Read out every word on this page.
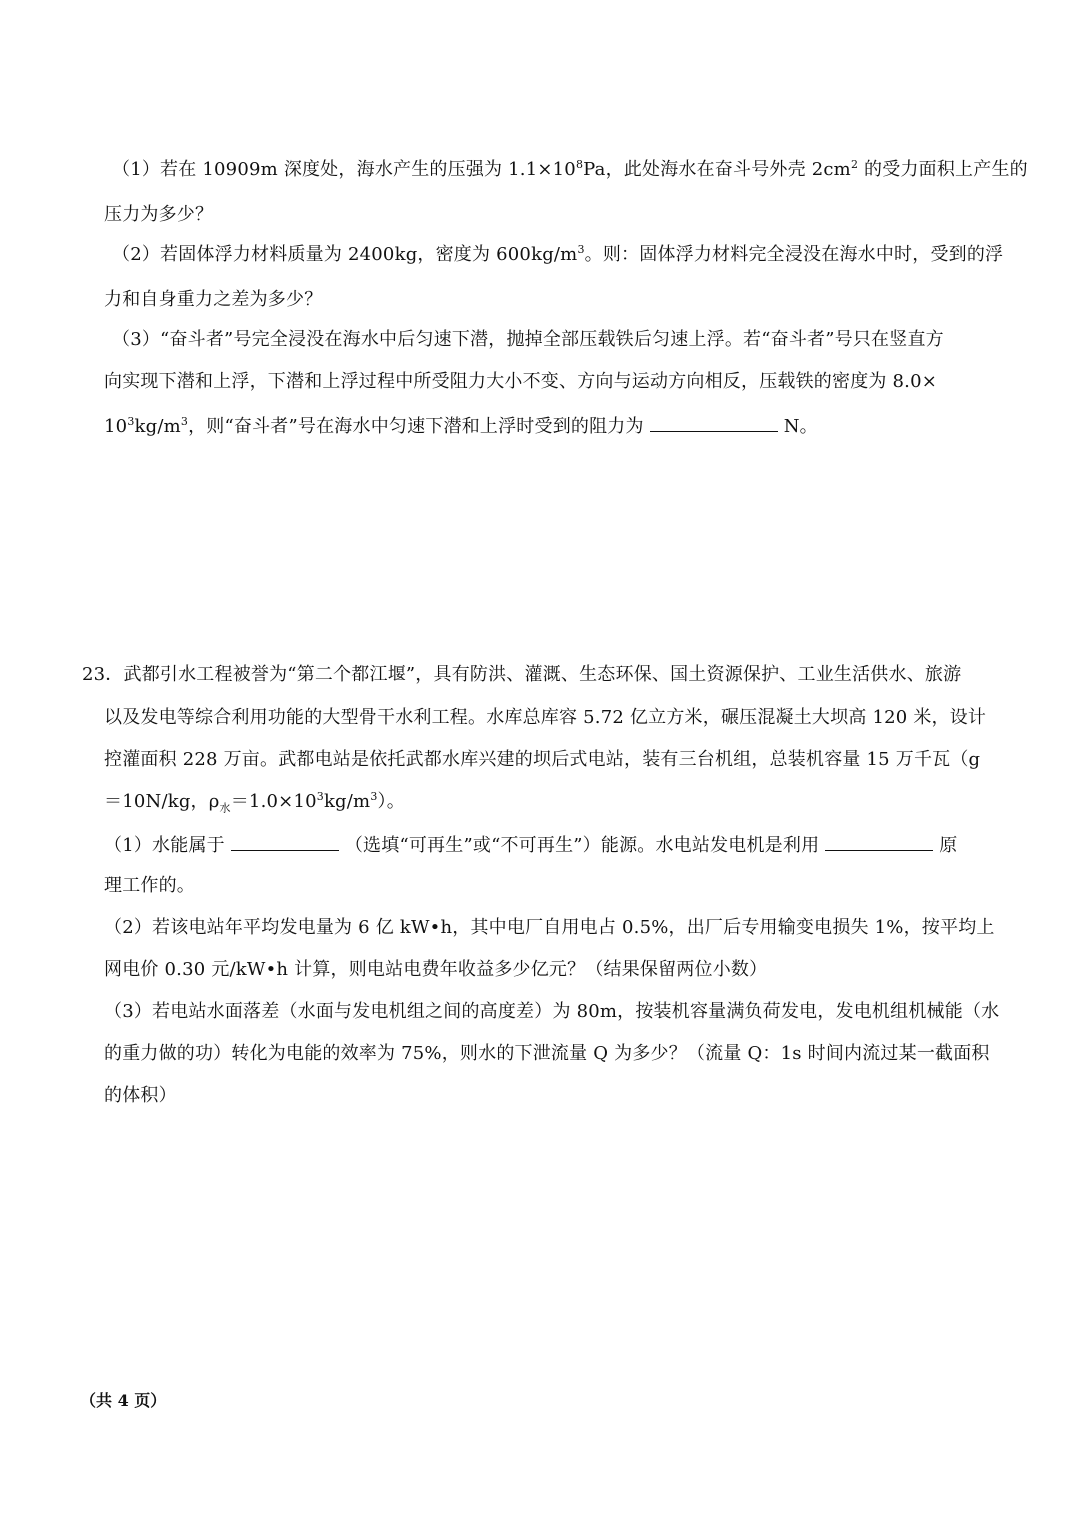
（1）若在 10909m 深度处，海水产生的压强为 $1.1\times 10^8Pa$，此处海水在奋斗号外壳 $2cm^2$ 的受力面积上产生的
压力为多少？
（2）若固体浮力材料质量为 2400kg，密度为 $600kg/m^3$。则：固体浮力材料完全浸没在海水中时，受到的浮
力和自身重力之差为多少？
（3）“奋斗者”号完全浸没在海水中后匀速下潜，抛掉全部压载铁后匀速上浮。若“奋斗者”号只在竖直方
向实现下潜和上浮，下潜和上浮过程中所受阻力大小不变、方向与运动方向相反，压载铁的密度为 8.0×
$10^3kg/m^3$，则“奋斗者”号在海水中匀速下潜和上浮时受到的阻力为	N。
23．武都引水工程被誉为“第二个都江堰”，具有防洪、灌溉、生态环保、国土资源保护、工业生活供水、旅游
以及发电等综合利用功能的大型骨干水利工程。水库总库容 5.72 亿立方米，碾压混凝土大坝高 120 米，设计
控灌面积 228 万亩。武都电站是依托武都水库兴建的坝后式电站，装有三台机组，总装机容量 15 万千瓦（g
＝10N/kg，$\rho_水=1.0\times 10^3kg/m^3$）。
（1）水能属于	（选填“可再生”或“不可再生”）能源。水电站发电机是利用	原
理工作的。
（2）若该电站年平均发电量为 6 亿 kW•h，其中电厂自用电占 0.5%，出厂后专用输变电损失 1%，按平均上
网电价 0.30 元/kW•h 计算，则电站电费年收益多少亿元？（结果保留两位小数）
（3）若电站水面落差（水面与发电机组之间的高度差）为 80m，按装机容量满负荷发电，发电机组机械能（水
的重力做的功）转化为电能的效率为 75%，则水的下泄流量 Q 为多少？（流量 Q：1s 时间内流过某一截面积
的体积）
（共 4 页）
